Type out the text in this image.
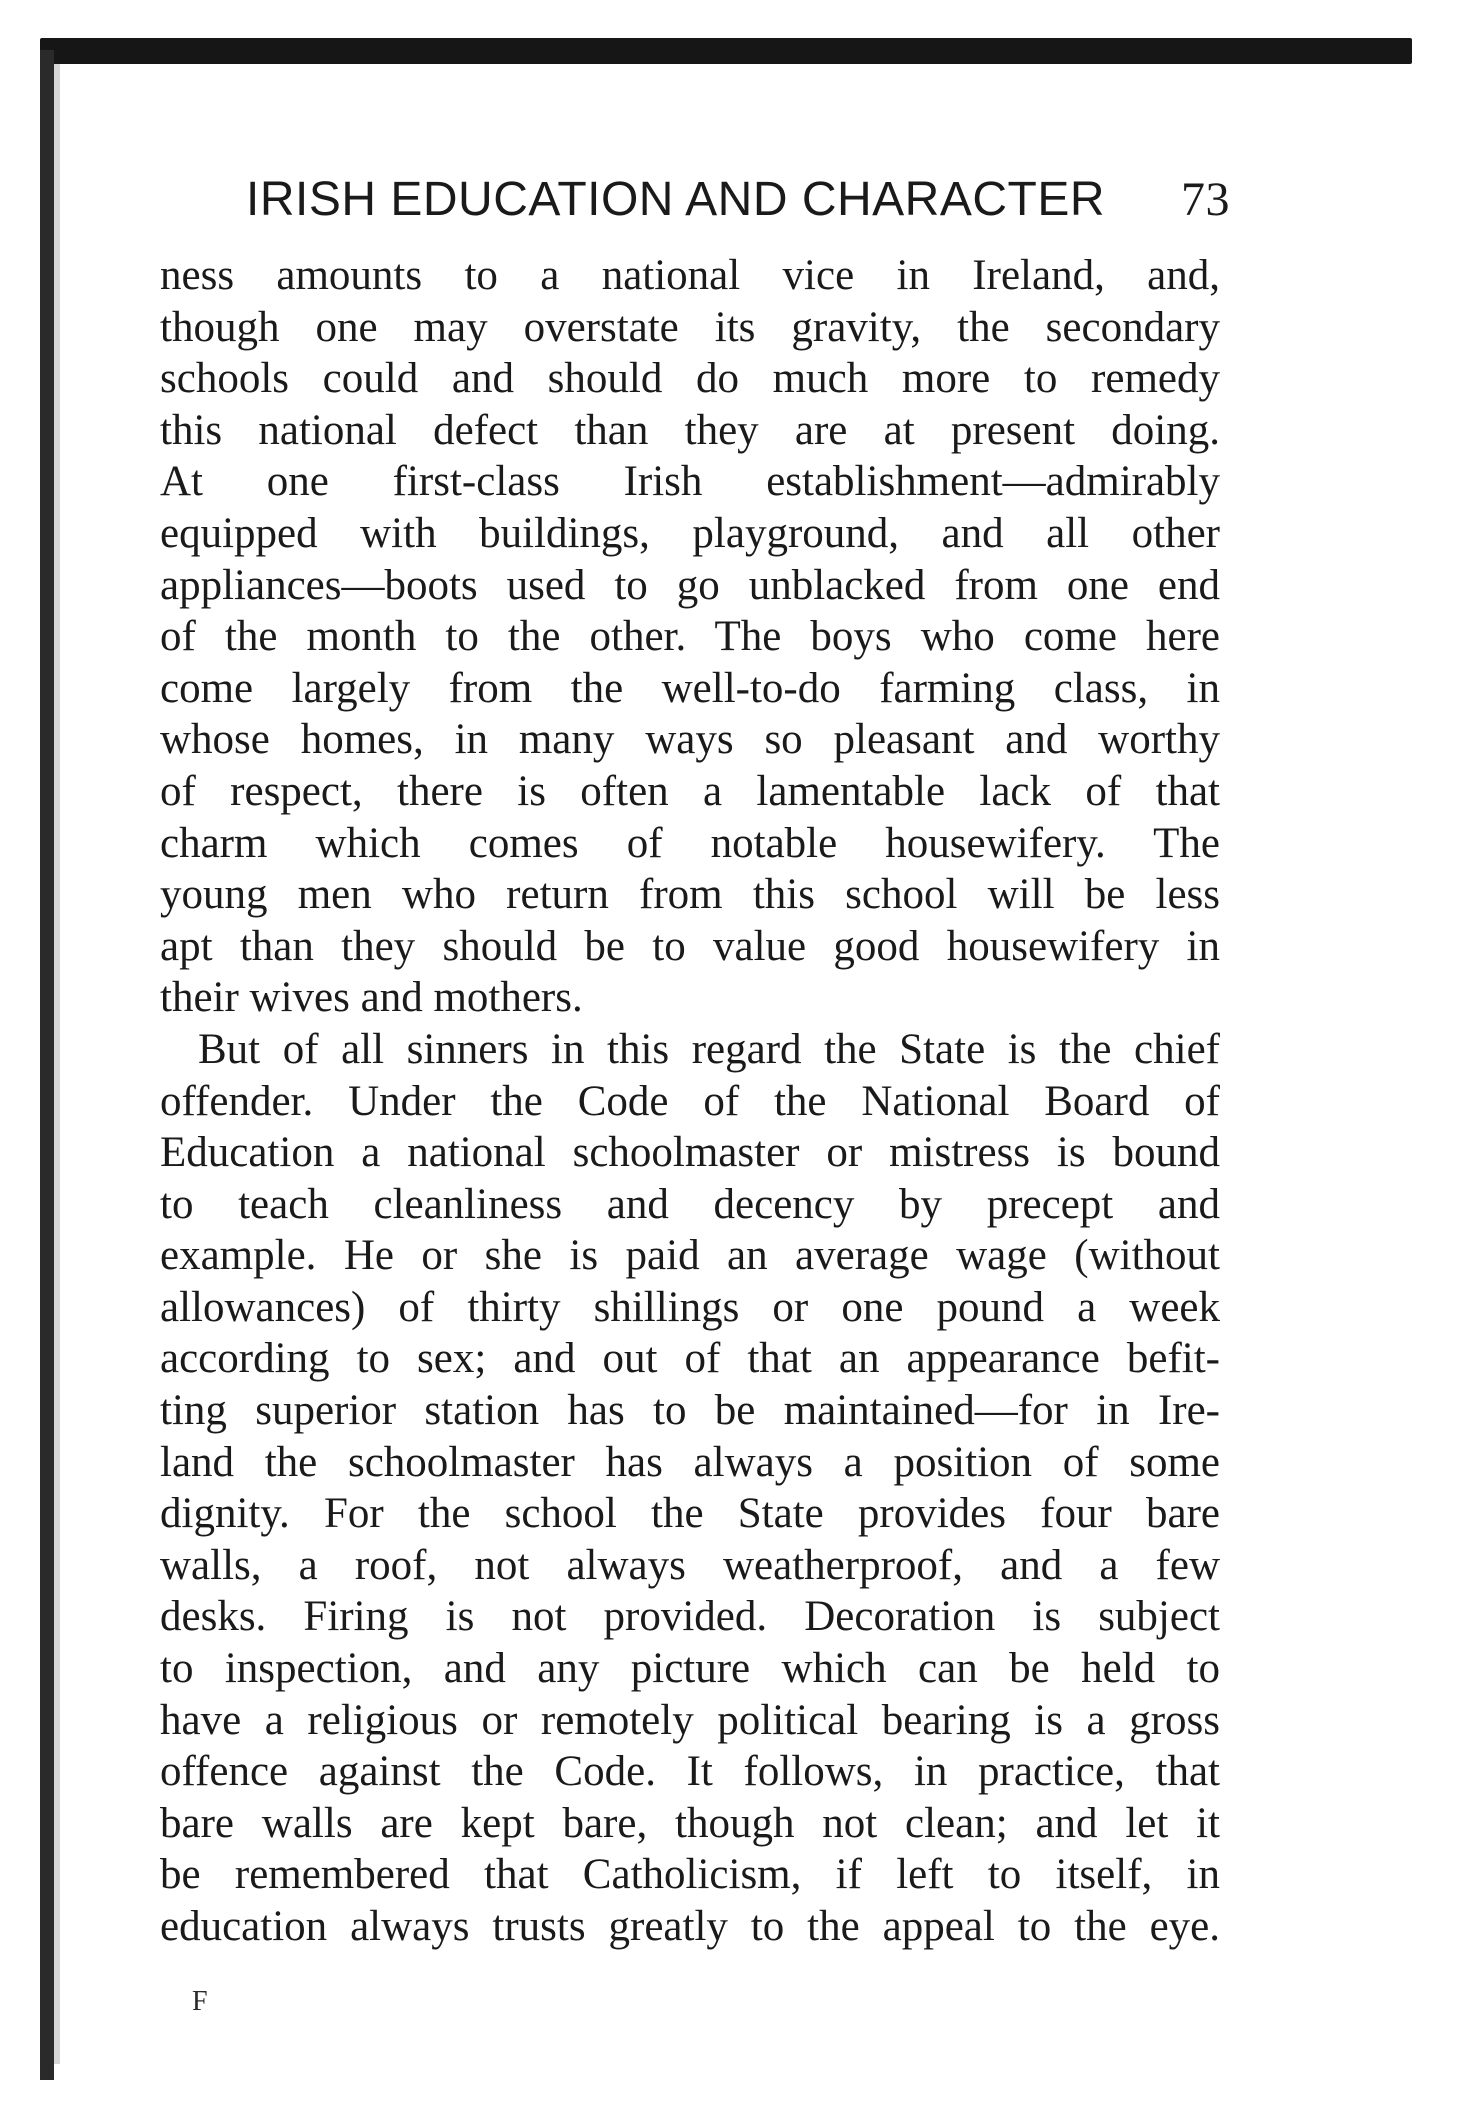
IRISH EDUCATION AND CHARACTER 73
ness amounts to a national vice in Ireland, and,
though one may overstate its gravity, the secondary
schools could and should do much more to remedy
this national defect than they are at present doing.
At one first-class Irish establishment—admirably
equipped with buildings, playground, and all other
appliances—boots used to go unblacked from one end
of the month to the other. The boys who come here
come largely from the well-to-do farming class, in
whose homes, in many ways so pleasant and worthy
of respect, there is often a lamentable lack of that
charm which comes of notable housewifery. The
young men who return from this school will be less
apt than they should be to value good housewifery in
their wives and mothers.
But of all sinners in this regard the State is the chief
offender. Under the Code of the National Board of
Education a national schoolmaster or mistress is bound
to teach cleanliness and decency by precept and
example. He or she is paid an average wage (without
allowances) of thirty shillings or one pound a week
according to sex; and out of that an appearance befit-
ting superior station has to be maintained—for in Ire-
land the schoolmaster has always a position of some
dignity. For the school the State provides four bare
walls, a roof, not always weatherproof, and a few
desks. Firing is not provided. Decoration is subject
to inspection, and any picture which can be held to
have a religious or remotely political bearing is a gross
offence against the Code. It follows, in practice, that
bare walls are kept bare, though not clean; and let it
be remembered that Catholicism, if left to itself, in
education always trusts greatly to the appeal to the eye.
F
